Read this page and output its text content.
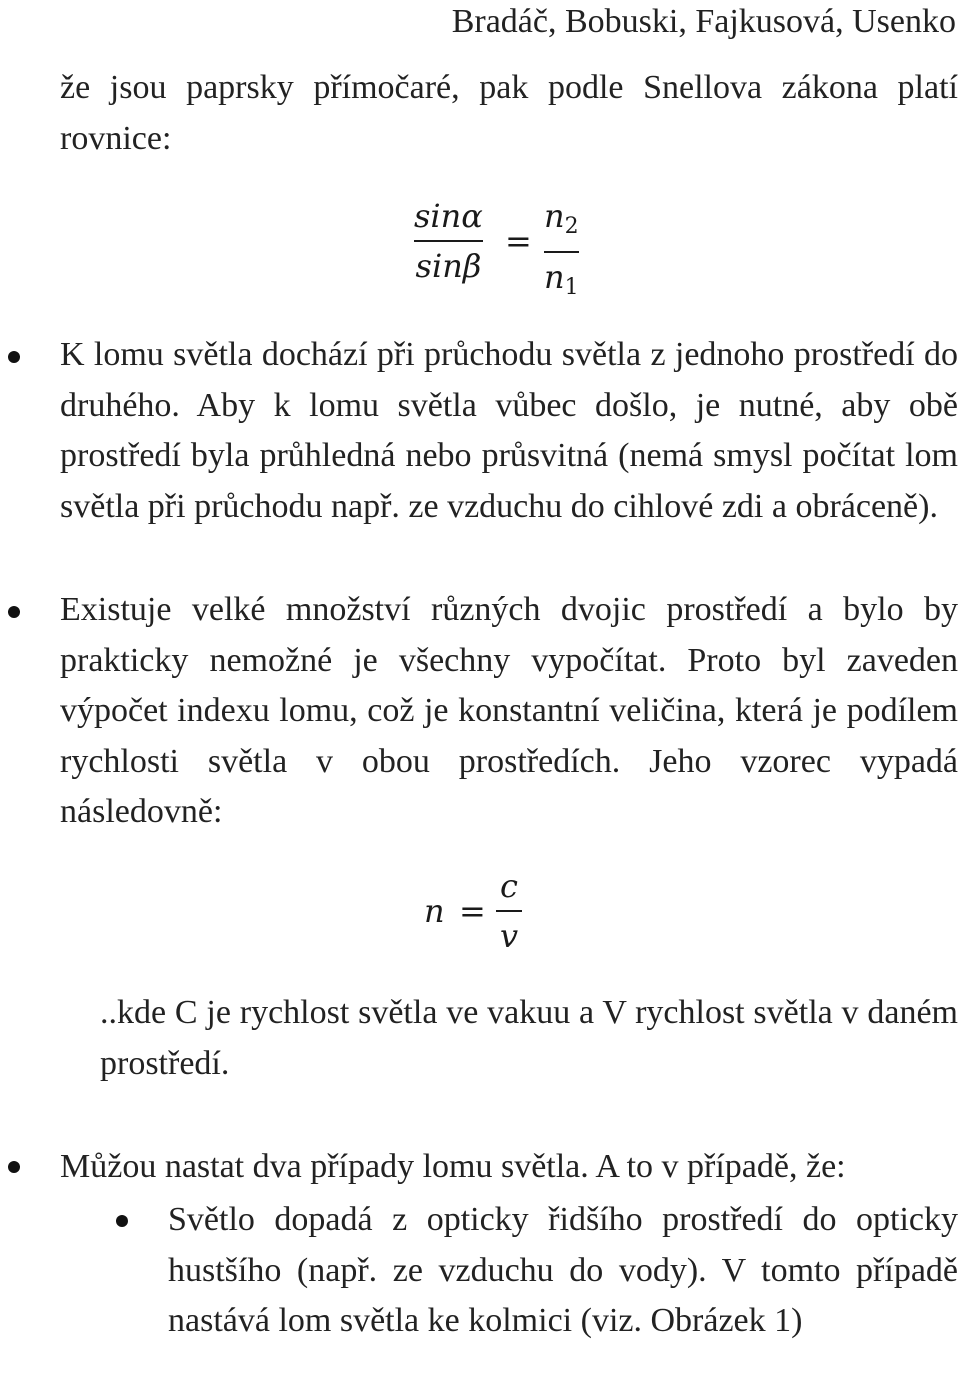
Bradáč, Bobuski, Fajkusová, Usenko

že jsou paprsky přímočaré, pak podle Snellova zákona platí rovnice:

sinα
sinβ
=
$n_2$
$n_1$

K lomu světla dochází při průchodu světla z jednoho prostředí do druhého. Aby k lomu světla vůbec došlo, je nutné, aby obě prostředí byla průhledná nebo průsvitná (nemá smysl počítat lom světla při průchodu např. ze vzduchu do cihlové zdi a obráceně).

Existuje velké množství různých dvojic prostředí a bylo by prakticky nemožné je všechny vypočítat. Proto byl zaveden výpočet indexu lomu, což je konstantní veličina, která je podílem rychlosti světla v obou prostředích. Jeho vzorec vypadá následovně:

n =
c
v

..kde C je rychlost světla ve vakuu a V rychlost světla v daném prostředí.

Můžou nastat dva případy lomu světla. A to v případě, že:

Světlo dopadá z opticky řidšího prostředí do opticky hustšího (např. ze vzduchu do vody). V tomto případě nastává lom světla ke kolmici (viz. Obrázek 1)
